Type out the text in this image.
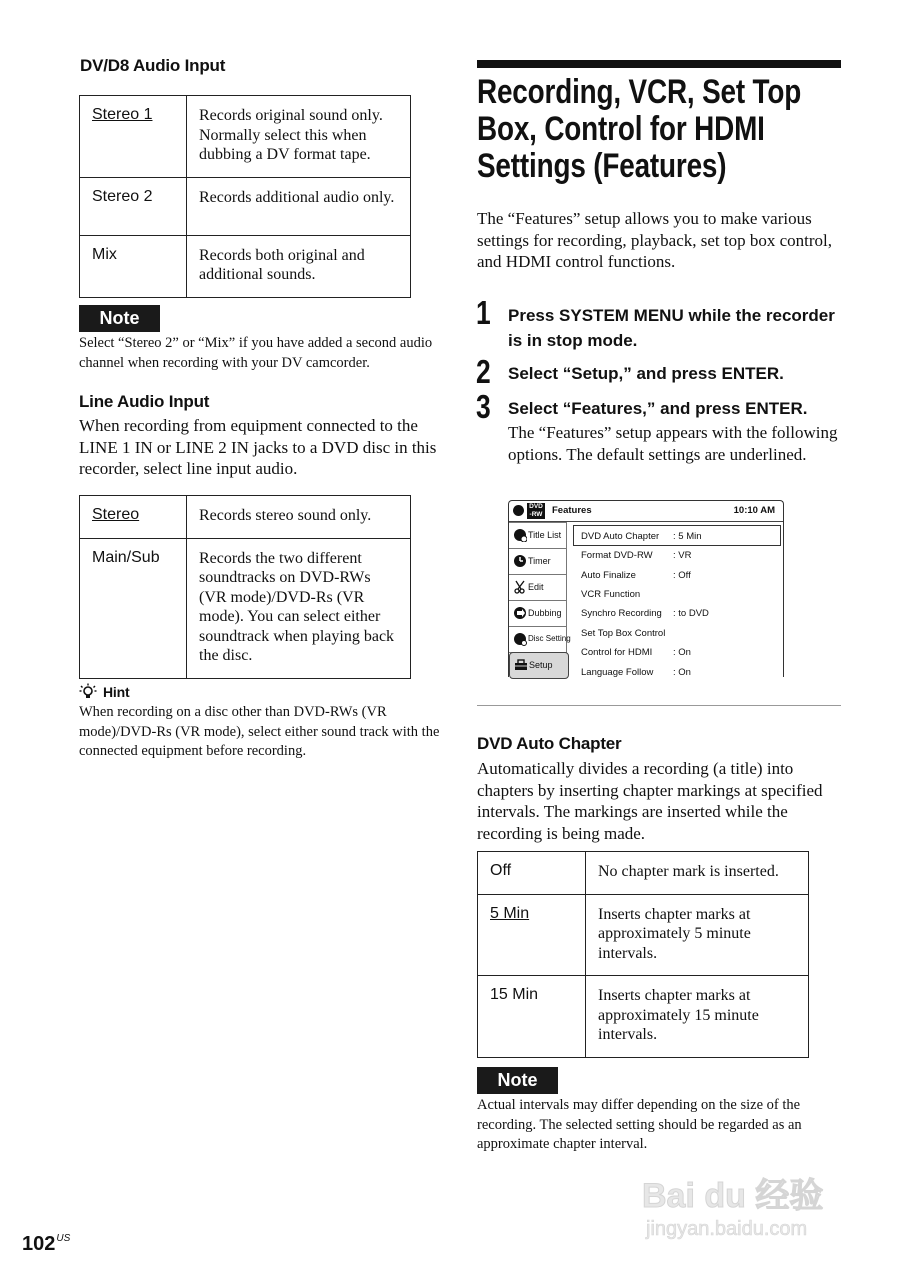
DV/D8 Audio Input
Stereo 1	Records original sound only. Normally select this when dubbing a DV format tape.
Stereo 2	Records additional audio only.
Mix	Records both original and additional sounds.
Note
Select “Stereo 2” or “Mix” if you have added a second audio channel when recording with your DV camcorder.
Line Audio Input
When recording from equipment connected to the LINE 1 IN or LINE 2 IN jacks to a DVD disc in this recorder, select line input audio.
Stereo	Records stereo sound only.
Main/Sub	Records the two different soundtracks on DVD-RWs (VR mode)/DVD-Rs (VR mode). You can select either soundtrack when playing back the disc.
Hint
When recording on a disc other than DVD-RWs (VR mode)/DVD-Rs (VR mode), select either sound track with the connected equipment before recording.
Recording, VCR, Set Top Box, Control for HDMI Settings (Features)
The “Features” setup allows you to make various settings for recording, playback, set top box control, and HDMI control functions.
1 Press SYSTEM MENU while the recorder is in stop mode.
2 Select “Setup,” and press ENTER.
3 Select “Features,” and press ENTER.
The “Features” setup appears with the following options. The default settings are underlined.
DVD
-RW Features	10:10 AM
Title List
Timer
Edit
Dubbing
Disc Setting
Setup
DVD Auto Chapter : 5 Min
Format DVD-RW : VR
Auto Finalize	: Off
VCR Function
Synchro Recording : to DVD
Set Top Box Control
Control for HDMI : On
Language Follow : On
DVD Auto Chapter
Automatically divides a recording (a title) into chapters by inserting chapter markings at specified intervals. The markings are inserted while the recording is being made.
Off	No chapter mark is inserted.
5 Min	Inserts chapter marks at approximately 5 minute intervals.
15 Min	Inserts chapter marks at approximately 15 minute intervals.
Note
Actual intervals may differ depending on the size of the recording. The selected setting should be regarded as an approximate chapter interval.
$102^{US}$
Bai du 经验
jingyan.baidu.com
